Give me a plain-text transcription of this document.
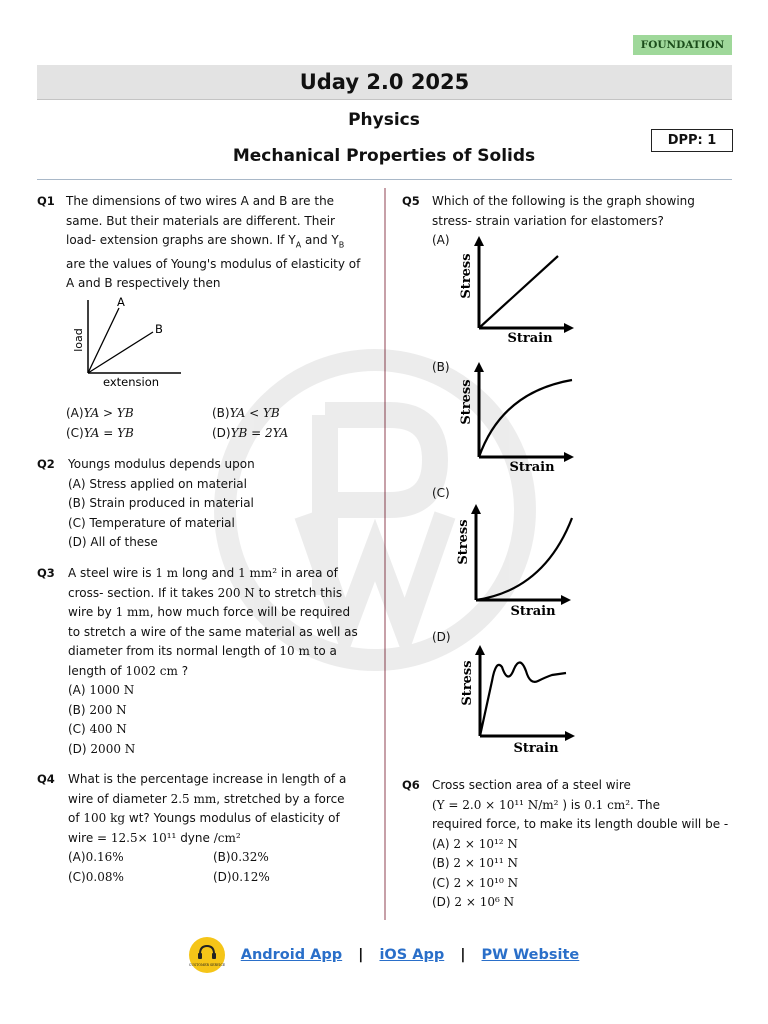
FOUNDATION
Uday 2.0 2025
Physics
Mechanical Properties of Solids
DPP: 1
Q1 The dimensions of two wires A and B are the
same. But their materials are different. Their
load- extension graphs are shown. If $Y_A$ and $Y_B$
are the values of Young's modulus of elasticity of
A and B respectively then
load
extension
A
B
(A)YA > YB	(B)YA < YB
(C)YA = YB	(D)YB = 2YA
Q2 Youngs modulus depends upon
(A) Stress applied on material
(B) Strain produced in material
(C) Temperature of material
(D) All of these
Q3 A steel wire is 1 m long and 1 mm² in area of
cross- section. If it takes 200 N to stretch this
wire by 1 mm, how much force will be required
to stretch a wire of the same material as well as
diameter from its normal length of 10 m to a
length of 1002 cm ?
(A) 1000 N
(B) 200 N
(C) 400 N
(D) 2000 N
Q4 What is the percentage increase in length of a
wire of diameter 2.5 mm, stretched by a force
of 100 kg wt? Youngs modulus of elasticity of
wire = 12.5× 10¹¹ dyne /cm²
(A)0.16%	(B)0.32%
(C)0.08%	(D)0.12%
Q5 Which of the following is the graph showing
stress- strain variation for elastomers?
(A)
Stress
Strain
(B)
Stress
Strain
(C)
Stress
Strain
(D)
Stress
Strain
Q6 Cross section area of a steel wire
(Y = 2.0 × 10¹¹ N/m² ) is 0.1 cm². The
required force, to make its length double will be -
(A) 2 × 10¹² N
(B) 2 × 10¹¹ N
(C) 2 × 10¹⁰ N
(D) 2 × 10⁶ N
CUSTOMER SERVICE
Android App | iOS App | PW Website
